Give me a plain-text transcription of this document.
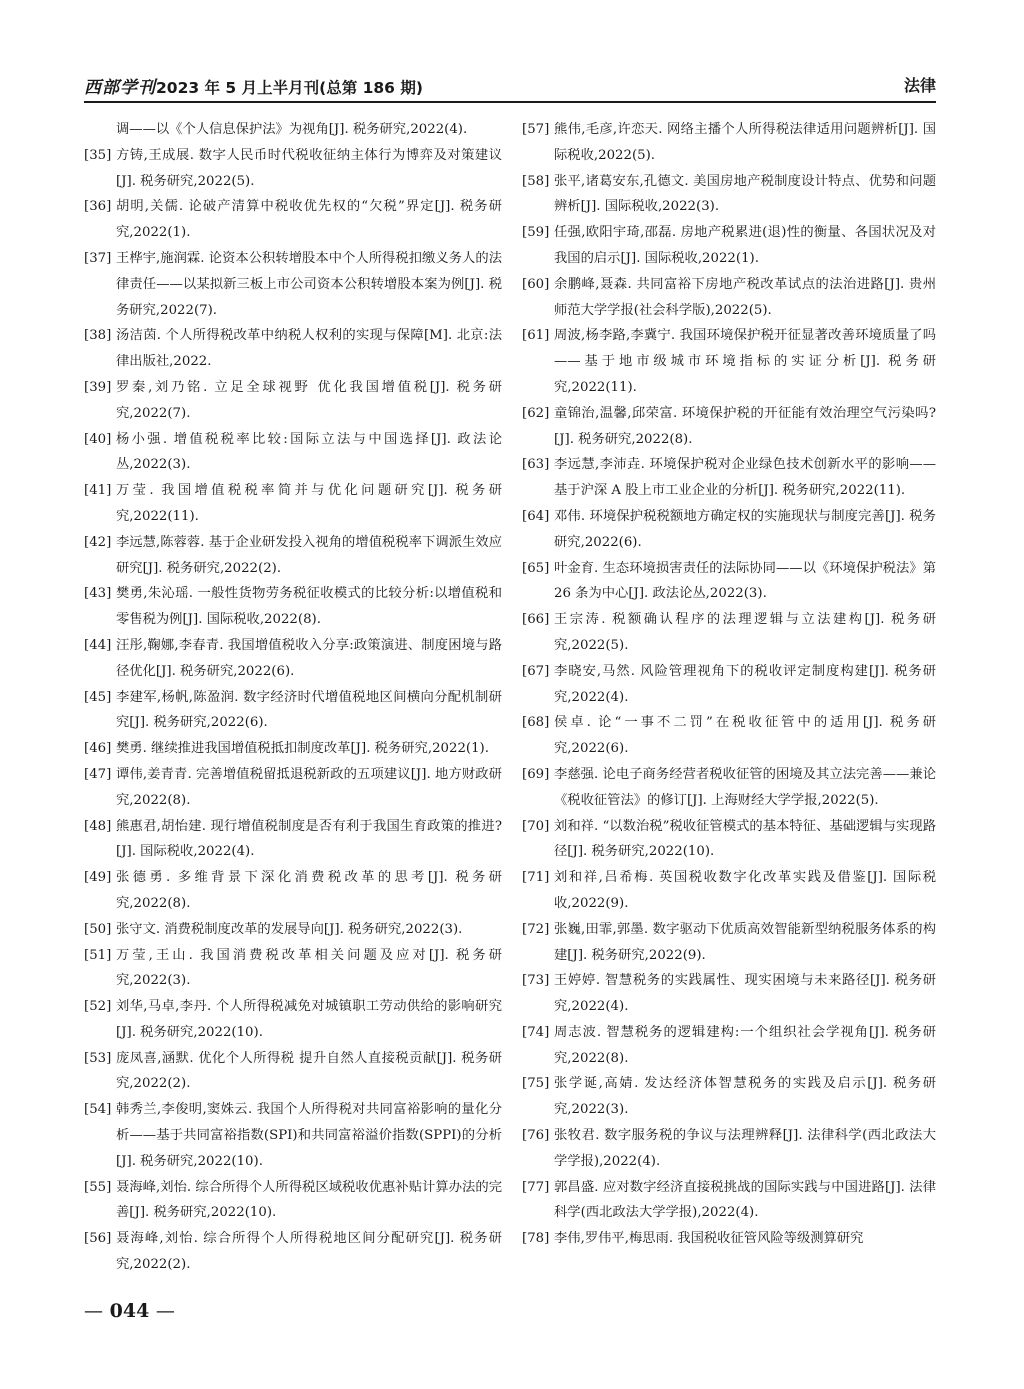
西部学刊2023 年 5 月上半月刊(总第 186 期)	法律
调——以《个人信息保护法》为视角[J]. 税务研究,2022(4).
[35] 方铸,王成展. 数字人民币时代税收征纳主体行为博弈及对策建议[J]. 税务研究,2022(5).
[36] 胡明,关儒. 论破产清算中税收优先权的“欠税”界定[J]. 税务研究,2022(1).
[37] 王桦宇,施润霖. 论资本公积转增股本中个人所得税扣缴义务人的法律责任——以某拟新三板上市公司资本公积转增股本案为例[J]. 税务研究,2022(7).
[38] 汤洁茵. 个人所得税改革中纳税人权利的实现与保障[M]. 北京:法律出版社,2022.
[39] 罗秦,刘乃铭. 立足全球视野 优化我国增值税[J]. 税务研究,2022(7).
[40] 杨小强. 增值税税率比较:国际立法与中国选择[J]. 政法论丛,2022(3).
[41] 万莹. 我国增值税税率简并与优化问题研究[J]. 税务研究,2022(11).
[42] 李远慧,陈蓉蓉. 基于企业研发投入视角的增值税税率下调派生效应研究[J]. 税务研究,2022(2).
[43] 樊勇,朱沁瑶. 一般性货物劳务税征收模式的比较分析:以增值税和零售税为例[J]. 国际税收,2022(8).
[44] 汪彤,鞠娜,李春青. 我国增值税收入分享:政策演进、制度困境与路径优化[J]. 税务研究,2022(6).
[45] 李建军,杨帆,陈盈润. 数字经济时代增值税地区间横向分配机制研究[J]. 税务研究,2022(6).
[46] 樊勇. 继续推进我国增值税抵扣制度改革[J]. 税务研究,2022(1).
[47] 谭伟,姜青青. 完善增值税留抵退税新政的五项建议[J]. 地方财政研究,2022(8).
[48] 熊惠君,胡怡建. 现行增值税制度是否有利于我国生育政策的推进? [J]. 国际税收,2022(4).
[49] 张德勇. 多维背景下深化消费税改革的思考[J]. 税务研究,2022(8).
[50] 张守文. 消费税制度改革的发展导向[J]. 税务研究,2022(3).
[51] 万莹,王山. 我国消费税改革相关问题及应对[J]. 税务研究,2022(3).
[52] 刘华,马卓,李丹. 个人所得税减免对城镇职工劳动供给的影响研究[J]. 税务研究,2022(10).
[53] 庞凤喜,涵默. 优化个人所得税 提升自然人直接税贡献[J]. 税务研究,2022(2).
[54] 韩秀兰,李俊明,窦姝云. 我国个人所得税对共同富裕影响的量化分析——基于共同富裕指数(SPI)和共同富裕溢价指数(SPPI)的分析[J]. 税务研究,2022(10).
[55] 聂海峰,刘怡. 综合所得个人所得税区域税收优惠补贴计算办法的完善[J]. 税务研究,2022(10).
[56] 聂海峰,刘怡. 综合所得个人所得税地区间分配研究[J]. 税务研究,2022(2).
[57] 熊伟,毛彦,许恋天. 网络主播个人所得税法律适用问题辨析[J]. 国际税收,2022(5).
[58] 张平,诸葛安东,孔德文. 美国房地产税制度设计特点、优势和问题辨析[J]. 国际税收,2022(3).
[59] 任强,欧阳宇琦,邵磊. 房地产税累进(退)性的衡量、各国状况及对我国的启示[J]. 国际税收,2022(1).
[60] 余鹏峰,聂森. 共同富裕下房地产税改革试点的法治进路[J]. 贵州师范大学学报(社会科学版),2022(5).
[61] 周波,杨李路,李冀宁. 我国环境保护税开征显著改善环境质量了吗——基于地市级城市环境指标的实证分析[J]. 税务研究,2022(11).
[62] 童锦治,温馨,邱荣富. 环境保护税的开征能有效治理空气污染吗? [J]. 税务研究,2022(8).
[63] 李远慧,李沛垚. 环境保护税对企业绿色技术创新水平的影响——基于沪深 A 股上市工业企业的分析[J]. 税务研究,2022(11).
[64] 邓伟. 环境保护税税额地方确定权的实施现状与制度完善[J]. 税务研究,2022(6).
[65] 叶金育. 生态环境损害责任的法际协同——以《环境保护税法》第 26 条为中心[J]. 政法论丛,2022(3).
[66] 王宗涛. 税额确认程序的法理逻辑与立法建构[J]. 税务研究,2022(5).
[67] 李晓安,马然. 风险管理视角下的税收评定制度构建[J]. 税务研究,2022(4).
[68] 侯卓. 论“一事不二罚”在税收征管中的适用[J]. 税务研究,2022(6).
[69] 李慈强. 论电子商务经营者税收征管的困境及其立法完善——兼论《税收征管法》的修订[J]. 上海财经大学学报,2022(5).
[70] 刘和祥. “以数治税”税收征管模式的基本特征、基础逻辑与实现路径[J]. 税务研究,2022(10).
[71] 刘和祥,吕希梅. 英国税收数字化改革实践及借鉴[J]. 国际税收,2022(9).
[72] 张巍,田霏,郭墨. 数字驱动下优质高效智能新型纳税服务体系的构建[J]. 税务研究,2022(9).
[73] 王婷婷. 智慧税务的实践属性、现实困境与未来路径[J]. 税务研究,2022(4).
[74] 周志波. 智慧税务的逻辑建构:一个组织社会学视角[J]. 税务研究,2022(8).
[75] 张学诞,高婧. 发达经济体智慧税务的实践及启示[J]. 税务研究,2022(3).
[76] 张牧君. 数字服务税的争议与法理辨释[J]. 法律科学(西北政法大学学报),2022(4).
[77] 郭昌盛. 应对数字经济直接税挑战的国际实践与中国进路[J]. 法律科学(西北政法大学学报),2022(4).
[78] 李伟,罗伟平,梅思雨. 我国税收征管风险等级测算研究
— 044 —
